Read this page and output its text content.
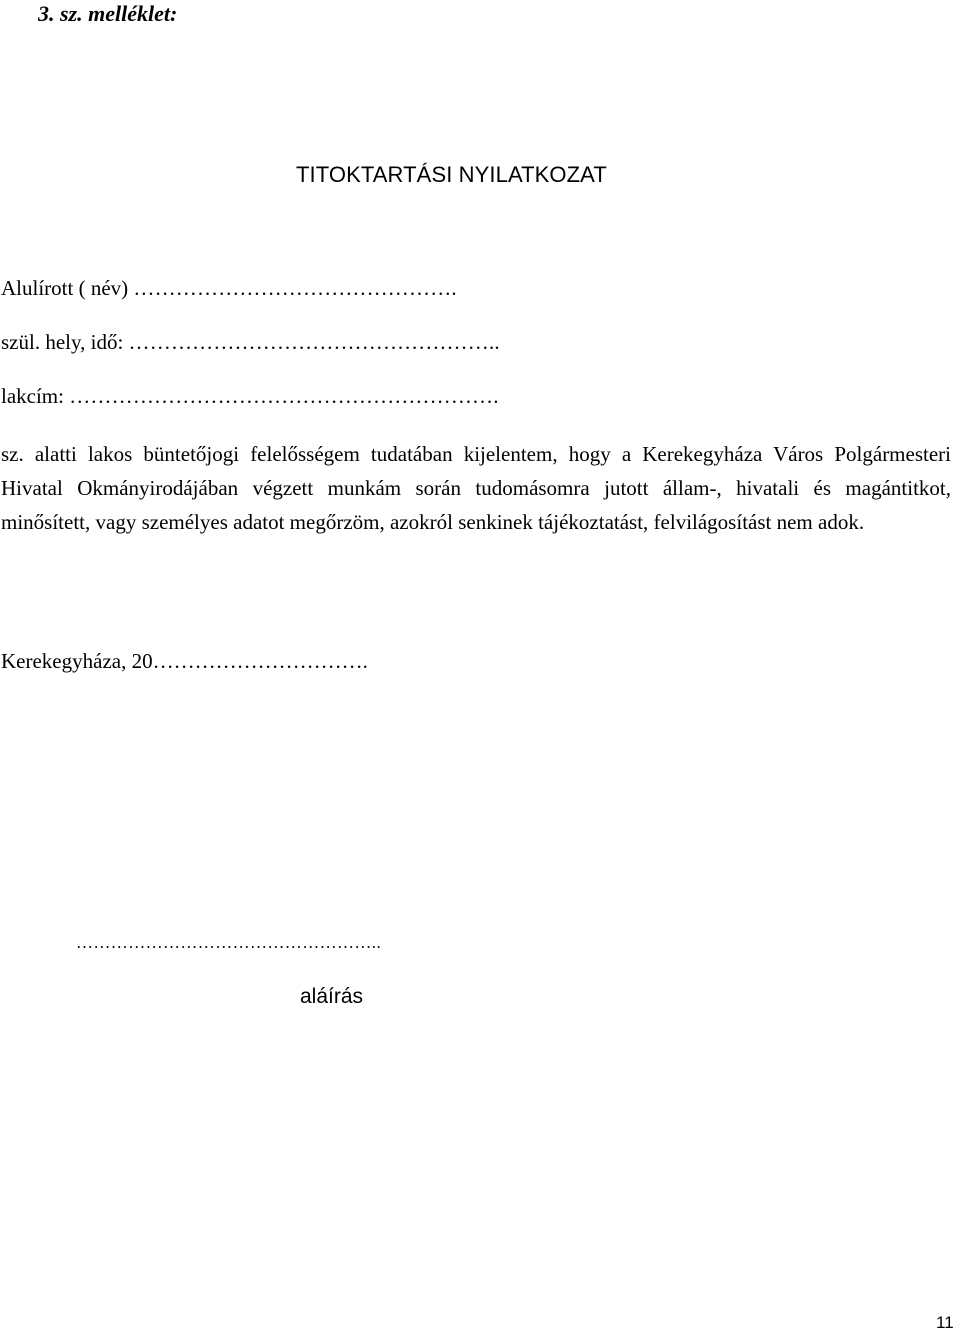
3. sz. melléklet:
TITOKTARTÁSI NYILATKOZAT
Alulírott ( név) ……………………………………….
szül. hely, idő: ……………………………………………..
lakcím: …………………………………………………….
sz. alatti lakos büntetőjogi felelősségem tudatában kijelentem, hogy a Kerekegyháza Város Polgármesteri Hivatal Okmányirodájában végzett munkám során tudomásomra jutott állam-, hivatali és magántitkot, minősített, vagy személyes adatot megőrzöm, azokról senkinek tájékoztatást, felvilágosítást nem adok.
Kerekegyháza, 20………………………….
……………………………………………..
aláírás
11
